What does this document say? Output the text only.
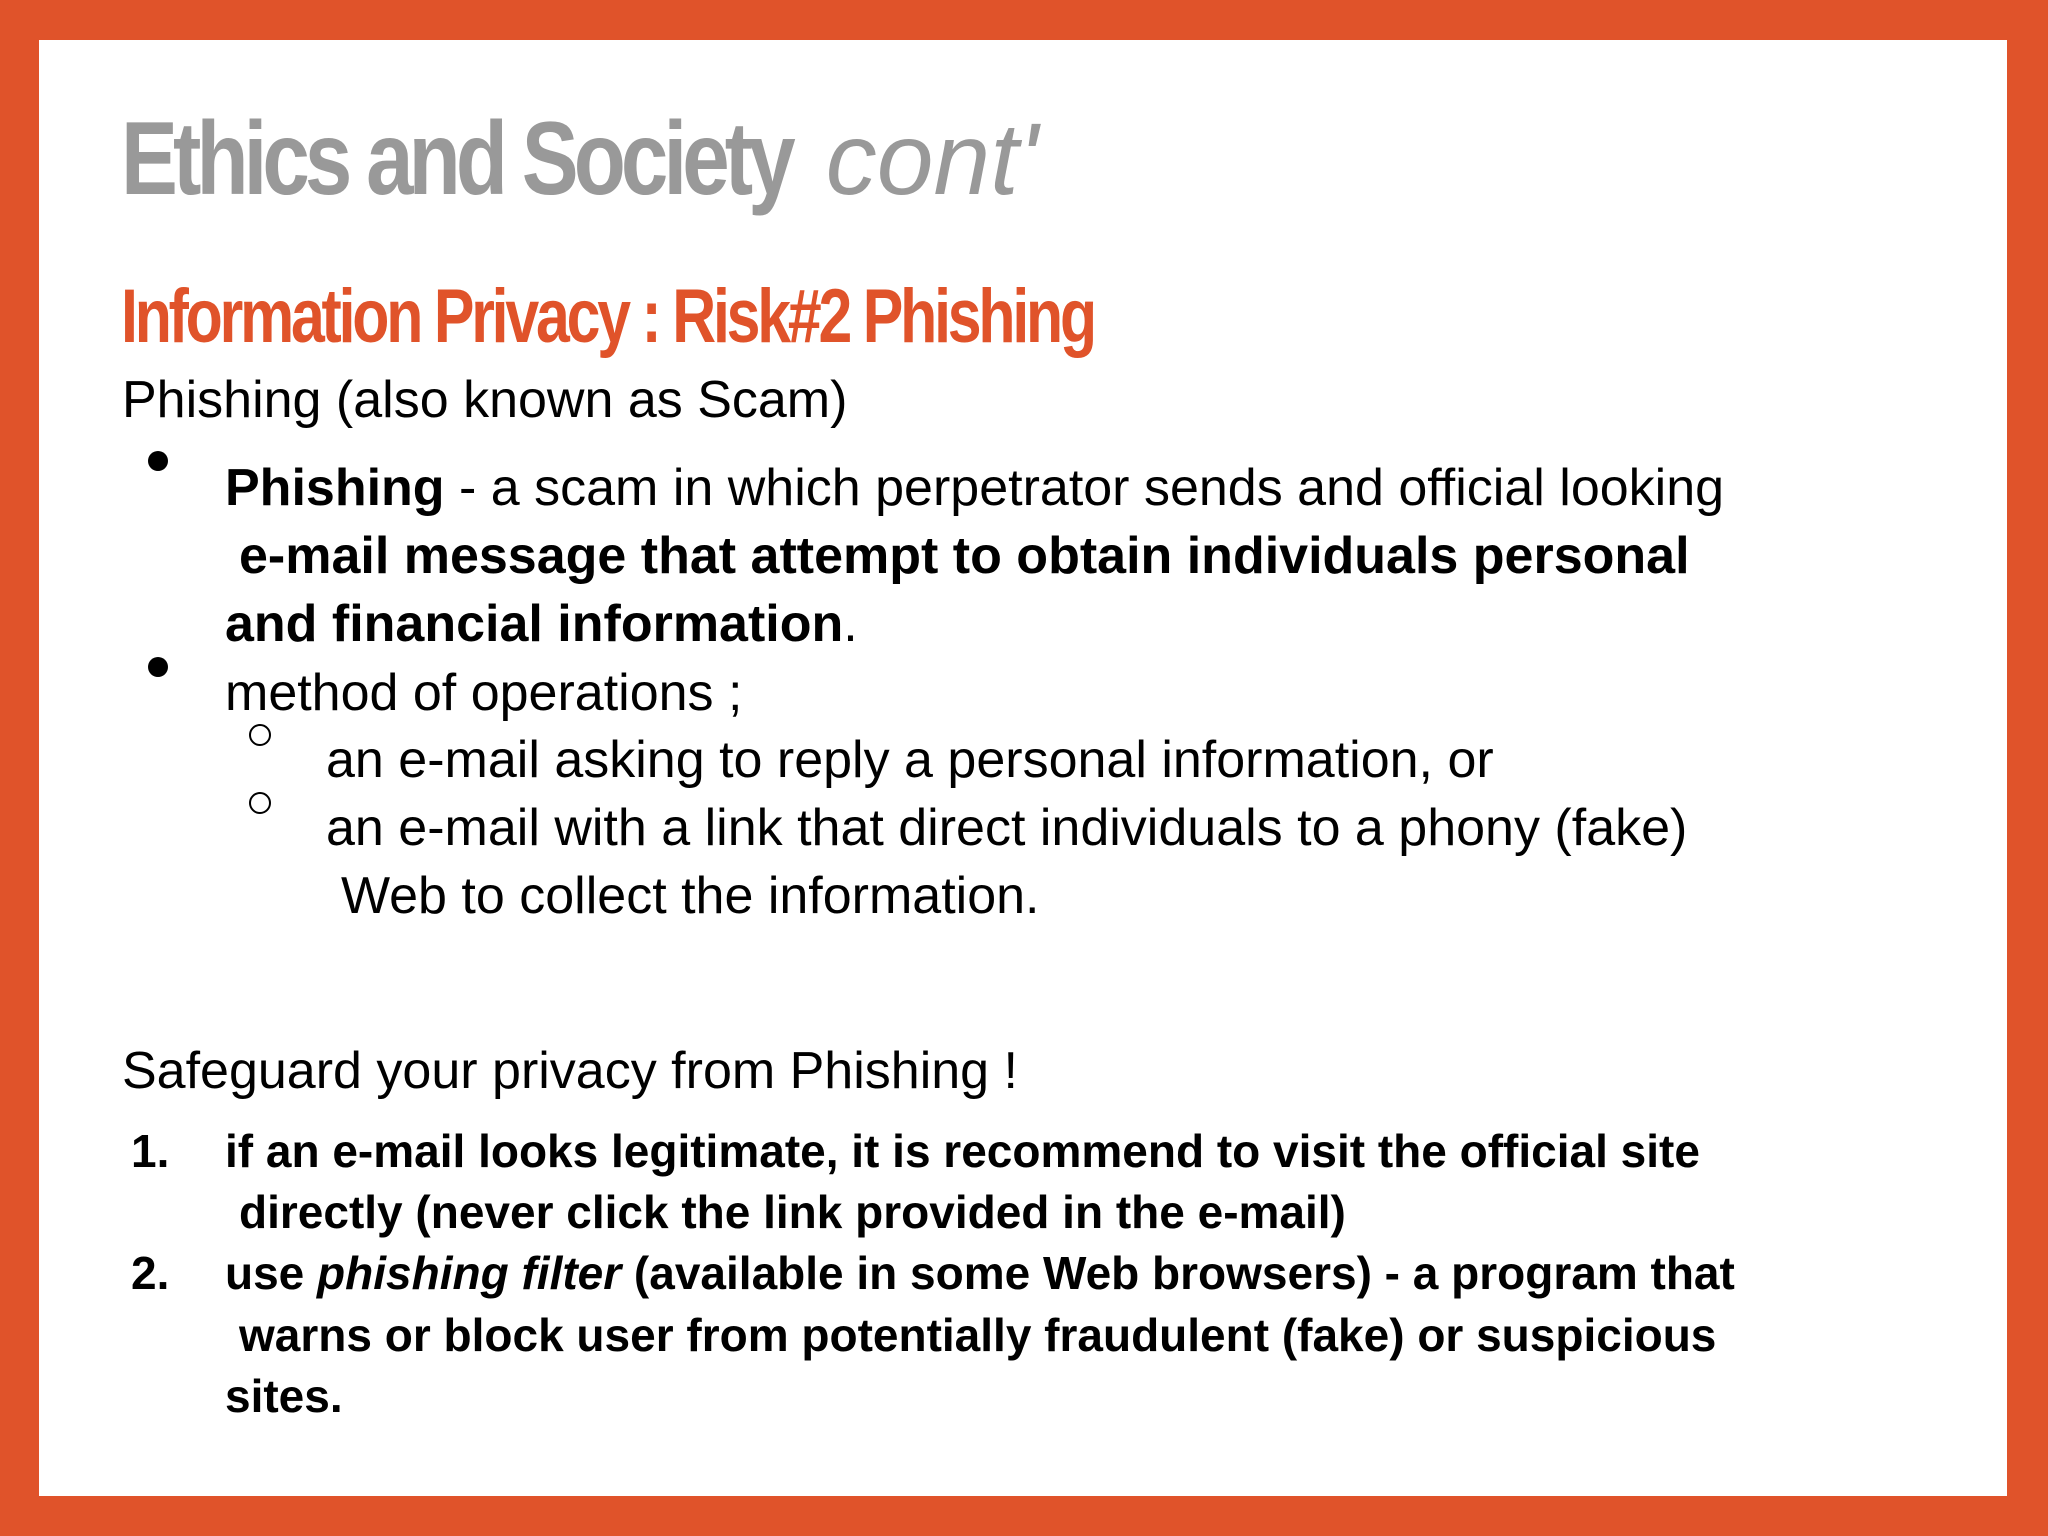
Ethics and Society cont'
Information Privacy : Risk#2 Phishing
Phishing (also known as Scam)
Phishing - a scam in which perpetrator sends and official looking
e-mail message that attempt to obtain individuals personal
and financial information.
method of operations ;
an e-mail asking to reply a personal information, or
an e-mail with a link that direct individuals to a phony (fake)
Web to collect the information.
Safeguard your privacy from Phishing !
1. if an e-mail looks legitimate, it is recommend to visit the official site
directly (never click the link provided in the e-mail)
2. use phishing filter (available in some Web browsers) - a program that
warns or block user from potentially fraudulent (fake) or suspicious
sites.
